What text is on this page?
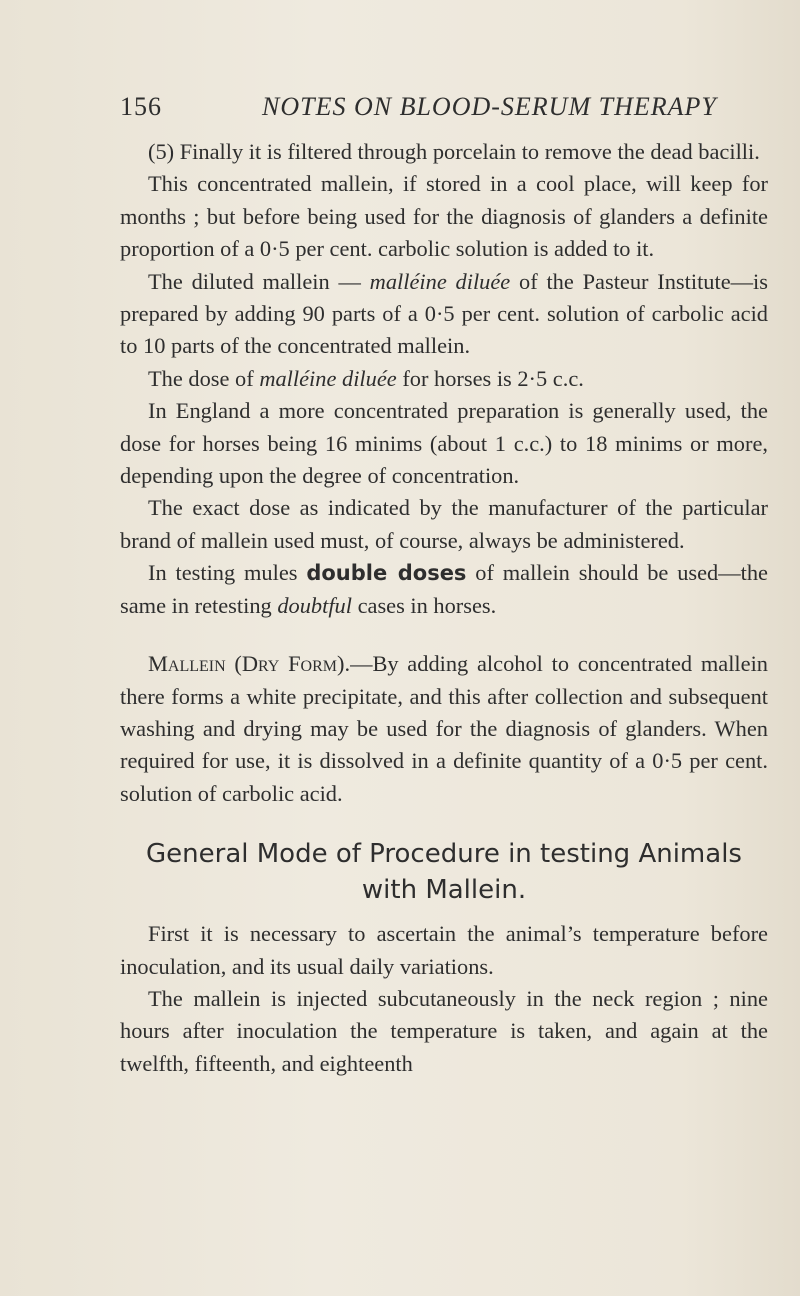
156	NOTES ON BLOOD-SERUM THERAPY

(5) Finally it is filtered through porcelain to remove the dead bacilli.

This concentrated mallein, if stored in a cool place, will keep for months ; but before being used for the diagnosis of glanders a definite proportion of a 0·5 per cent. carbolic solution is added to it.

The diluted mallein — malléine diluée of the Pasteur Institute—is prepared by adding 90 parts of a 0·5 per cent. solution of carbolic acid to 10 parts of the concentrated mallein.

The dose of malléine diluée for horses is 2·5 c.c.

In England a more concentrated preparation is generally used, the dose for horses being 16 minims (about 1 c.c.) to 18 minims or more, depending upon the degree of concentration.

The exact dose as indicated by the manufacturer of the particular brand of mallein used must, of course, always be administered.

In testing mules double doses of mallein should be used—the same in retesting doubtful cases in horses.

Mallein (Dry Form).—By adding alcohol to concentrated mallein there forms a white precipitate, and this after collection and subsequent washing and drying may be used for the diagnosis of glanders. When required for use, it is dissolved in a definite quantity of a 0·5 per cent. solution of carbolic acid.

General Mode of Procedure in testing Animals with Mallein.

First it is necessary to ascertain the animal’s temperature before inoculation, and its usual daily variations.

The mallein is injected subcutaneously in the neck region ; nine hours after inoculation the temperature is taken, and again at the twelfth, fifteenth, and eighteenth
